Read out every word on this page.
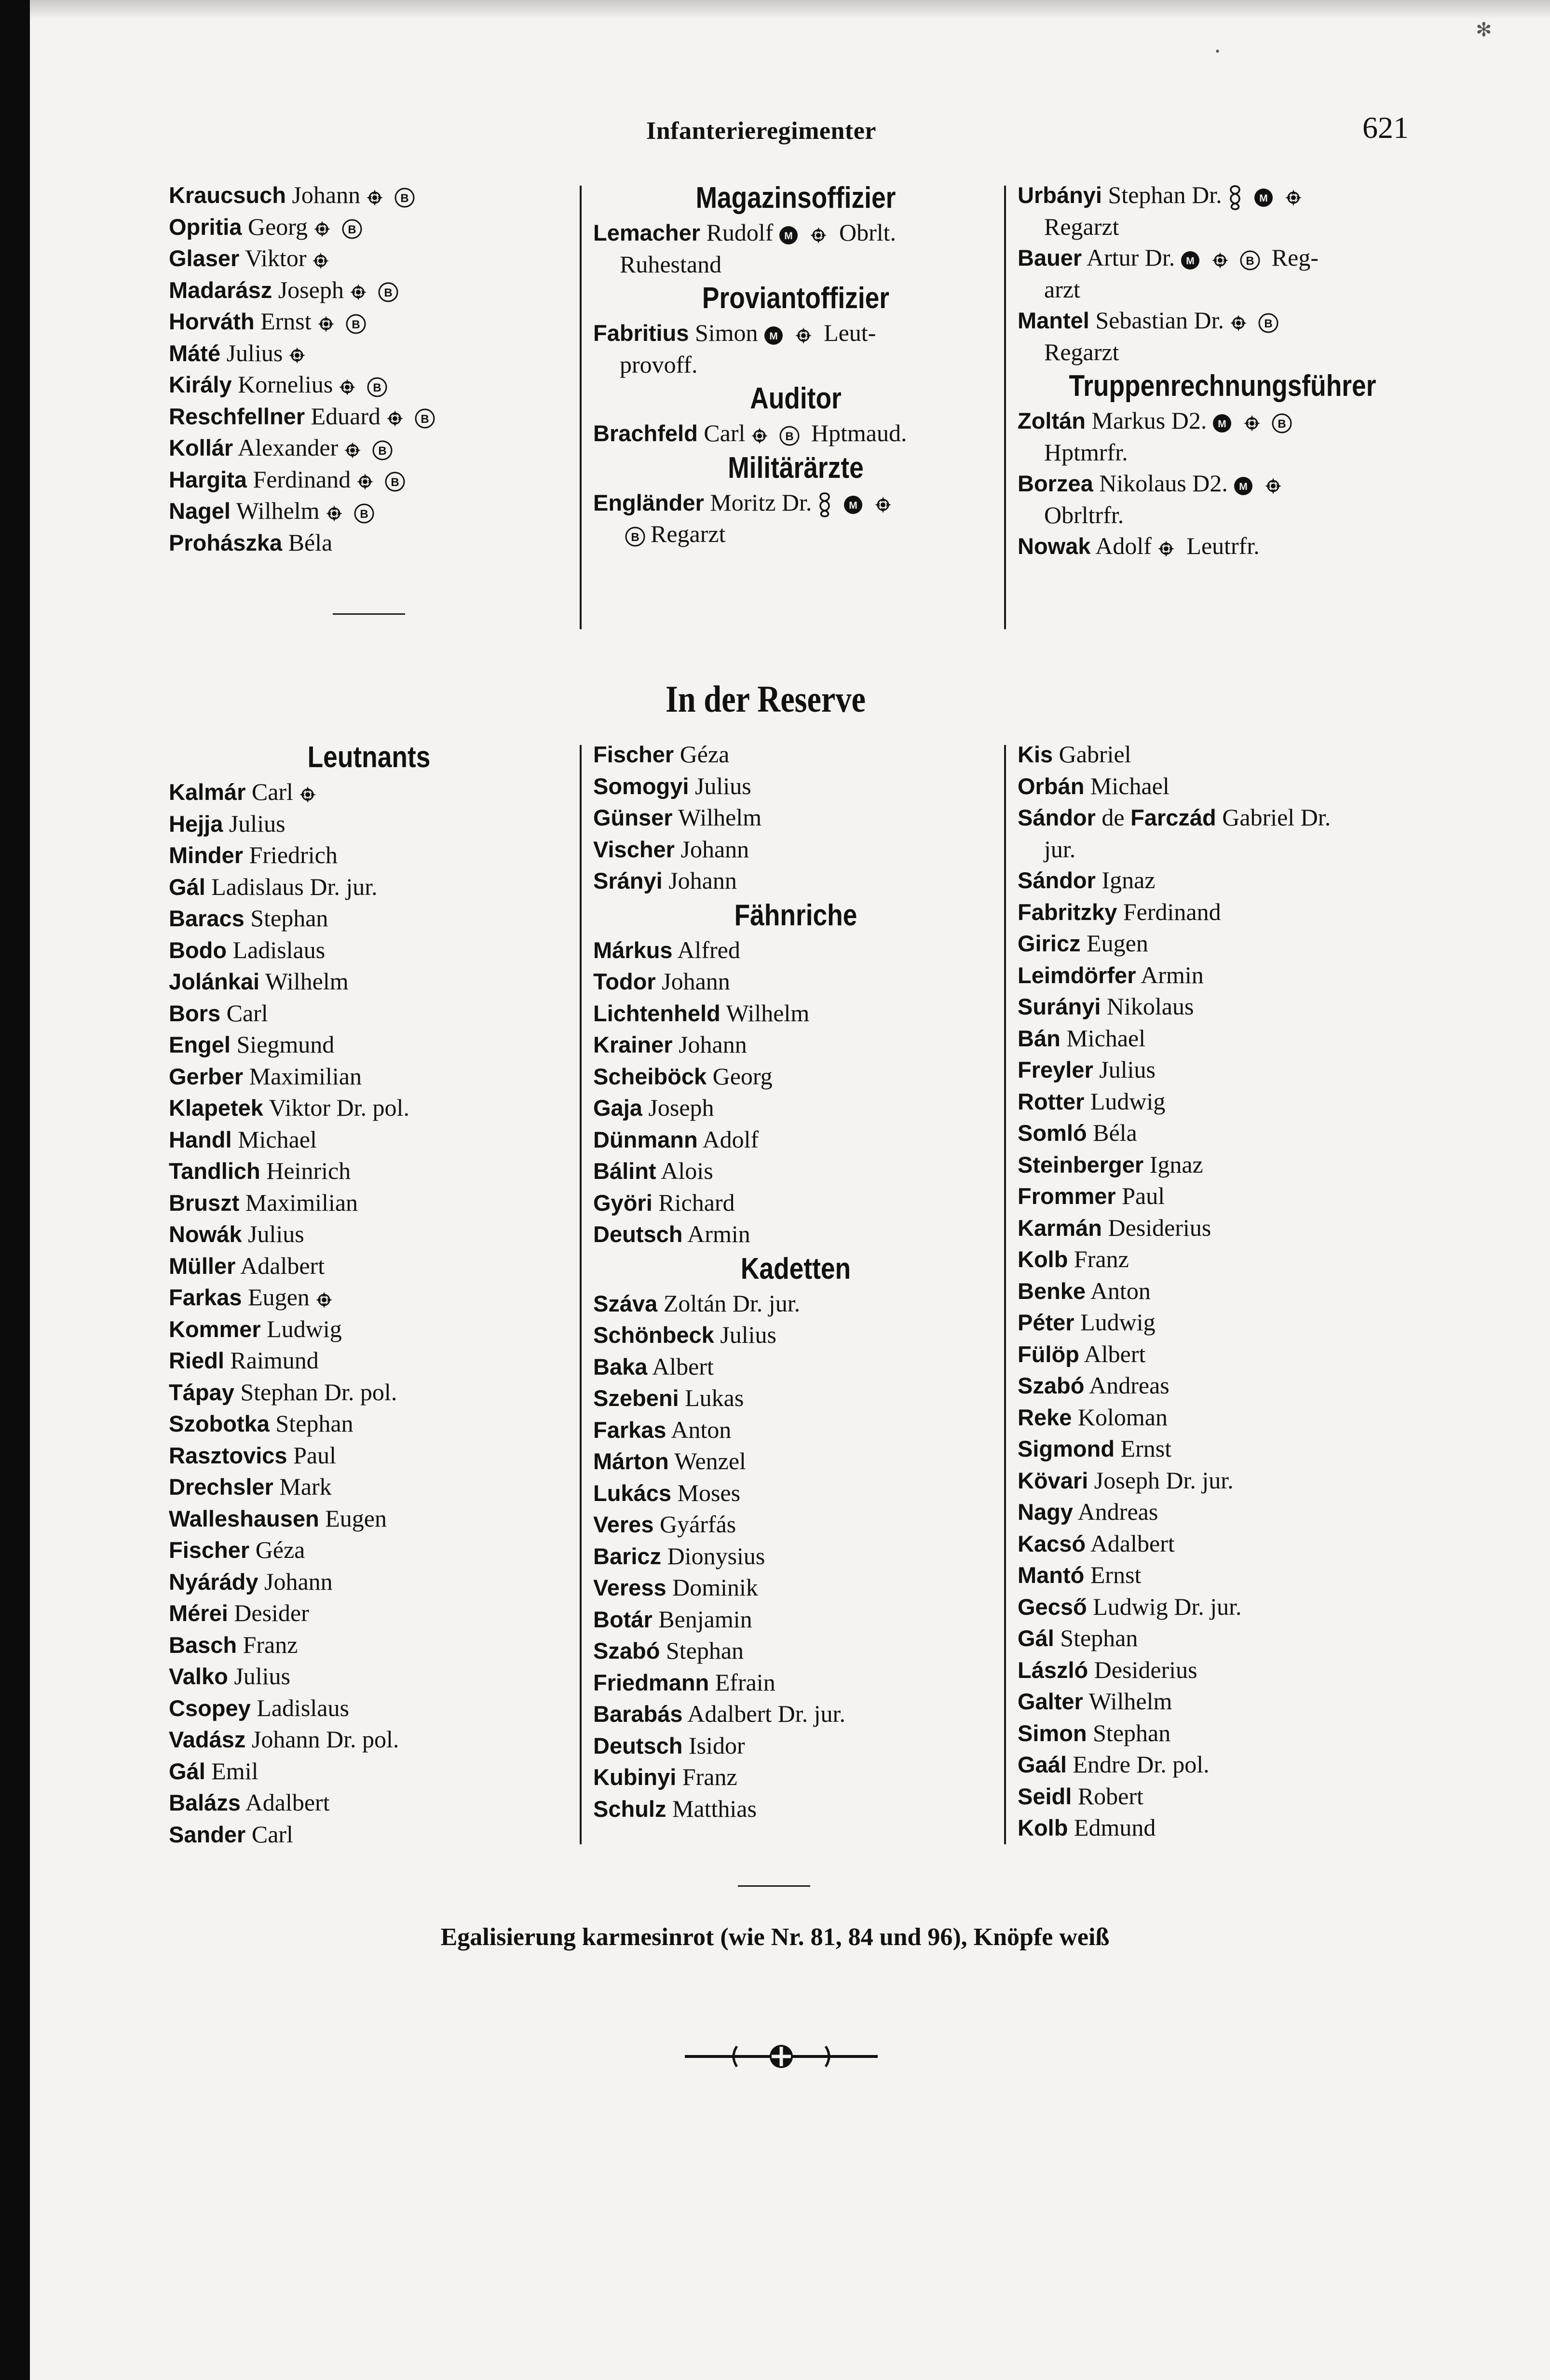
Infanterieregimenter	621
Kraucsuch Johann	B
Opritia Georg	B
Glaser Viktor
Madarász Joseph	B
Horváth Ernst	B
Máté Julius
Király Kornelius	B
Reschfellner Eduard	B
Kollár Alexander	B
Hargita Ferdinand	B
Nagel Wilhelm	B
Prohászka Béla
Magazinsoffizier
Lemacher Rudolf M Obrlt.
Ruhestand
Proviantoffizier
Fabritius Simon M Leut-
provoff.
Auditor
Brachfeld Carl	B Hptmaud.
Militärärzte
Engländer Moritz Dr.	M
B Regarzt
Urbányi Stephan Dr.	M
Regarzt
Bauer Artur Dr. M	B Reg-
arzt
Mantel Sebastian Dr.	B
Regarzt
Truppenrechnungsführer
Zoltán Markus D2. M	B
Hptmrfr.
Borzea Nikolaus D2. M
Obrltrfr.
Nowak Adolf
Leutrfr.
In der Reserve
Leutnants
Kalmár Carl
Hejja Julius
Minder Friedrich
Gál Ladislaus Dr. jur.
Baracs Stephan
Bodo Ladislaus
Jolánkai Wilhelm
Bors Carl
Engel Siegmund
Gerber Maximilian
Klapetek Viktor Dr. pol.
Handl Michael
Tandlich Heinrich
Bruszt Maximilian
Nowák Julius
Müller Adalbert
Farkas Eugen
Kommer Ludwig
Riedl Raimund
Tápay Stephan Dr. pol.
Szobotka Stephan
Rasztovics Paul
Drechsler Mark
Walleshausen Eugen
Fischer Géza
Nyárády Johann
Mérei Desider
Basch Franz
Valko Julius
Csopey Ladislaus
Vadász Johann Dr. pol.
Gál Emil
Balázs Adalbert
Sander Carl
Fischer Géza
Somogyi Julius
Günser Wilhelm
Vischer Johann
Srányi Johann
Fähnriche
Márkus Alfred
Todor Johann
Lichtenheld Wilhelm
Krainer Johann
Scheiböck Georg
Gaja Joseph
Dünmann Adolf
Bálint Alois
Györi Richard
Deutsch Armin
Kadetten
Száva Zoltán Dr. jur.
Schönbeck Julius
Baka Albert
Szebeni Lukas
Farkas Anton
Márton Wenzel
Lukács Moses
Veres Gyárfás
Baricz Dionysius
Veress Dominik
Botár Benjamin
Szabó Stephan
Friedmann Efrain
Barabás Adalbert Dr. jur.
Deutsch Isidor
Kubinyi Franz
Schulz Matthias
Kis Gabriel
Orbán Michael
Sándor de Farczád Gabriel Dr.
jur.
Sándor Ignaz
Fabritzky Ferdinand
Giricz Eugen
Leimdörfer Armin
Surányi Nikolaus
Bán Michael
Freyler Julius
Rotter Ludwig
Somló Béla
Steinberger Ignaz
Frommer Paul
Karmán Desiderius
Kolb Franz
Benke Anton
Péter Ludwig
Fülöp Albert
Szabó Andreas
Reke Koloman
Sigmond Ernst
Kövari Joseph Dr. jur.
Nagy Andreas
Kacsó Adalbert
Mantó Ernst
Gecső Ludwig Dr. jur.
Gál Stephan
László Desiderius
Galter Wilhelm
Simon Stephan
Gaál Endre Dr. pol.
Seidl Robert
Kolb Edmund
Egalisierung karmesinrot (wie Nr. 81, 84 und 96), Knöpfe weiß
✻
•
